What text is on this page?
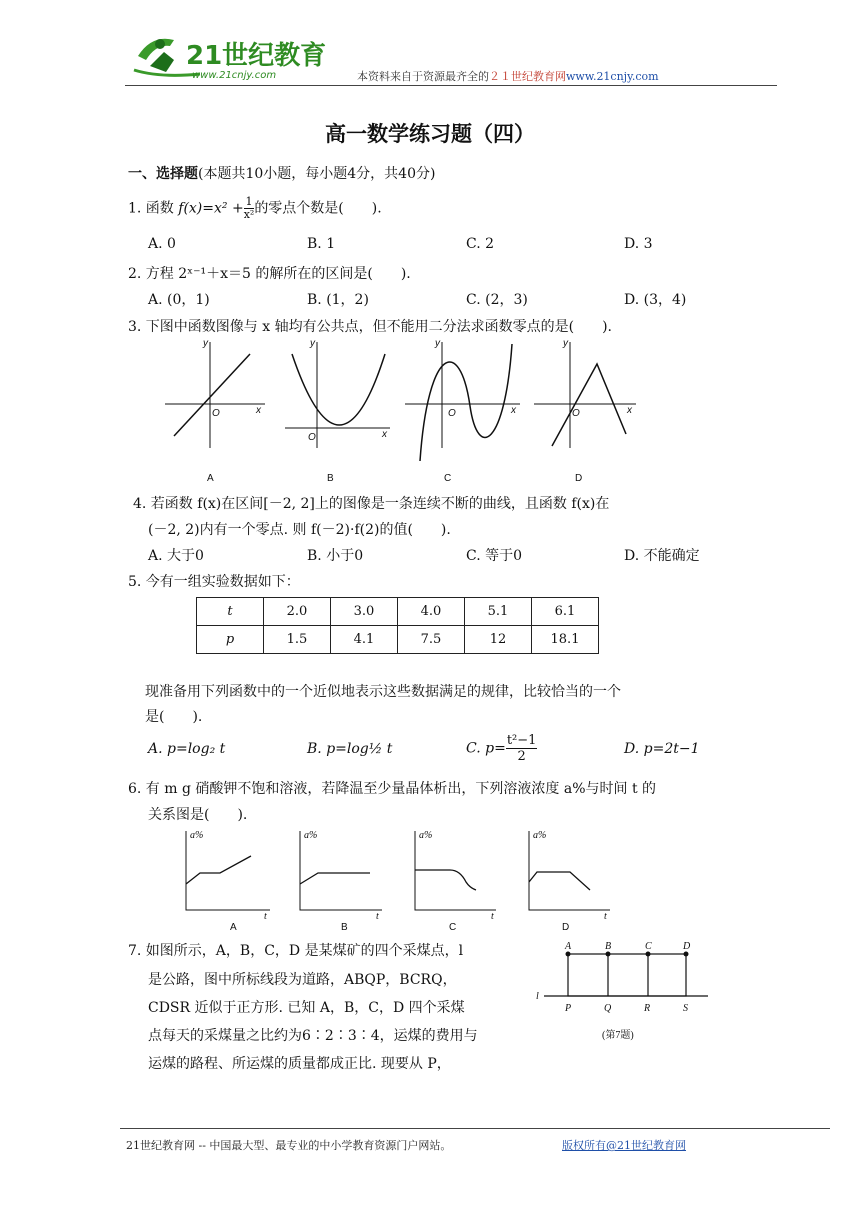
21世纪教育
www.21cnjy.com	本资料来自于资源最齐全的２１世纪教育网www.21cnjy.com
高一数学练习题（四）
一、选择题(本题共10小题，每小题4分，共40分)
1. 函数 $f(x)=x^2 + \frac{1}{\text{x²}}$ 的零点个数是(　　).
A. 0	B. 1	C. 2	D. 3
2. 方程 2ˣ⁻¹＋x＝5 的解所在的区间是(　　).
A. (0，1)	B. (1，2)	C. (2，3)	D. (3，4)
3. 下图中函数图像与 x 轴均有公共点，但不能用二分法求函数零点的是(　　).
y
x
O
y
x
O
y
x
O
y
x
O
A	B	C	D
4. 若函数 f(x)在区间[－2, 2]上的图像是一条连续不断的曲线，且函数 f(x)在
(－2, 2)内有一个零点. 则 f(－2)·f(2)的值(　　).
A. 大于0	B. 小于0	C. 等于0	D. 不能确定
5. 今有一组实验数据如下：
t	2.0	3.0	4.0	5.1	6.1
p	1.5	4.1	7.5	12	18.1
现准备用下列函数中的一个近似地表示这些数据满足的规律，比较恰当的一个
是(　　).
A. p=log₂ t	B. p=log½ t	C. $p= \frac{\text{t²−1}}{2}$	D. p=2t−1
6. 有 m g 硝酸钾不饱和溶液，若降温至少量晶体析出，下列溶液浓度 a%与时间 t 的
关系图是(　　).
a%
t
a%
t
a%
t
a%
t
A	B	C	D
7. 如图所示，A，B，C，D 是某煤矿的四个采煤点，l
是公路，图中所标线段为道路，ABQP，BCRQ，
CDSR 近似于正方形. 已知 A，B，C，D 四个采煤
点每天的采煤量之比约为6∶2∶3∶4，运煤的费用与
运煤的路程、所运煤的质量都成正比. 现要从 P，
A	B	C	D
P	Q	R	S
l
(第7题)
21世纪教育网 -- 中国最大型、最专业的中小学教育资源门户网站。	版权所有@21世纪教育网
